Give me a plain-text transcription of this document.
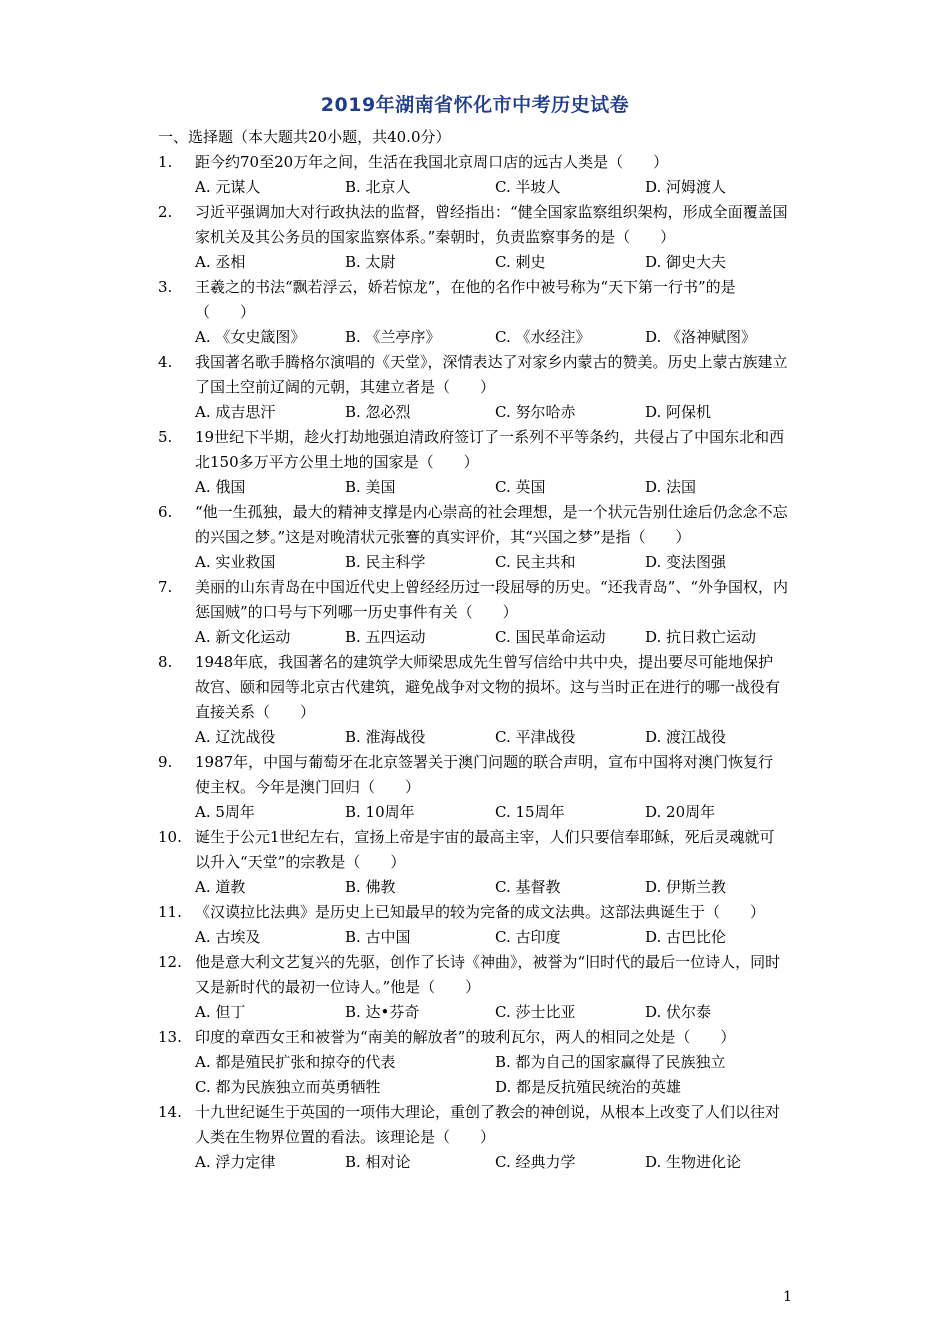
2019年湖南省怀化市中考历史试卷
一、选择题（本大题共20小题，共40.0分）
1. 距今约70至20万年之间，生活在我国北京周口店的远古人类是（　　）
A. 元谋人	B. 北京人	C. 半坡人	D. 河姆渡人
2. 习近平强调加大对行政执法的监督，曾经指出：“健全国家监察组织架构，形成全面覆盖国家机关及其公务员的国家监察体系。”秦朝时，负责监察事务的是（　　）
A. 丞相	B. 太尉	C. 刺史	D. 御史大夫
3. 王羲之的书法“飘若浮云，娇若惊龙”，在他的名作中被号称为“天下第一行书”的是（　　）
A. 《女史箴图》	B. 《兰亭序》	C. 《水经注》	D. 《洛神赋图》
4. 我国著名歌手腾格尔演唱的《天堂》，深情表达了对家乡内蒙古的赞美。历史上蒙古族建立了国土空前辽阔的元朝，其建立者是（　　）
A. 成吉思汗	B. 忽必烈	C. 努尔哈赤	D. 阿保机
5. 19世纪下半期，趁火打劫地强迫清政府签订了一系列不平等条约，共侵占了中国东北和西北150多万平方公里土地的国家是（　　）
A. 俄国	B. 美国	C. 英国	D. 法国
6. “他一生孤独，最大的精神支撑是内心崇高的社会理想，是一个状元告别仕途后仍念念不忘的兴国之梦。”这是对晚清状元张謇的真实评价，其“兴国之梦”是指（　　）
A. 实业救国	B. 民主科学	C. 民主共和	D. 变法图强
7. 美丽的山东青岛在中国近代史上曾经经历过一段屈辱的历史。“还我青岛”、“外争国权，内惩国贼”的口号与下列哪一历史事件有关（　　）
A. 新文化运动	B. 五四运动	C. 国民革命运动	D. 抗日救亡运动
8. 1948年底，我国著名的建筑学大师梁思成先生曾写信给中共中央，提出要尽可能地保护故宫、颐和园等北京古代建筑，避免战争对文物的损坏。这与当时正在进行的哪一战役有直接关系（　　）
A. 辽沈战役	B. 淮海战役	C. 平津战役	D. 渡江战役
9. 1987年，中国与葡萄牙在北京签署关于澳门问题的联合声明，宣布中国将对澳门恢复行使主权。今年是澳门回归（　　）
A. 5周年	B. 10周年	C. 15周年	D. 20周年
10. 诞生于公元1世纪左右，宣扬上帝是宇宙的最高主宰，人们只要信奉耶稣，死后灵魂就可以升入“天堂”的宗教是（　　）
A. 道教	B. 佛教	C. 基督教	D. 伊斯兰教
11. 《汉谟拉比法典》是历史上已知最早的较为完备的成文法典。这部法典诞生于（　　）
A. 古埃及	B. 古中国	C. 古印度	D. 古巴比伦
12. 他是意大利文艺复兴的先驱，创作了长诗《神曲》，被誉为“旧时代的最后一位诗人，同时又是新时代的最初一位诗人。”他是（　　）
A. 但丁	B. 达•芬奇	C. 莎士比亚	D. 伏尔泰
13. 印度的章西女王和被誉为“南美的解放者”的玻利瓦尔，两人的相同之处是（　　）
A. 都是殖民扩张和掠夺的代表	B. 都为自己的国家赢得了民族独立
C. 都为民族独立而英勇牺牲	D. 都是反抗殖民统治的英雄
14. 十九世纪诞生于英国的一项伟大理论，重创了教会的神创说，从根本上改变了人们以往对人类在生物界位置的看法。该理论是（　　）
A. 浮力定律	B. 相对论	C. 经典力学	D. 生物进化论
1
